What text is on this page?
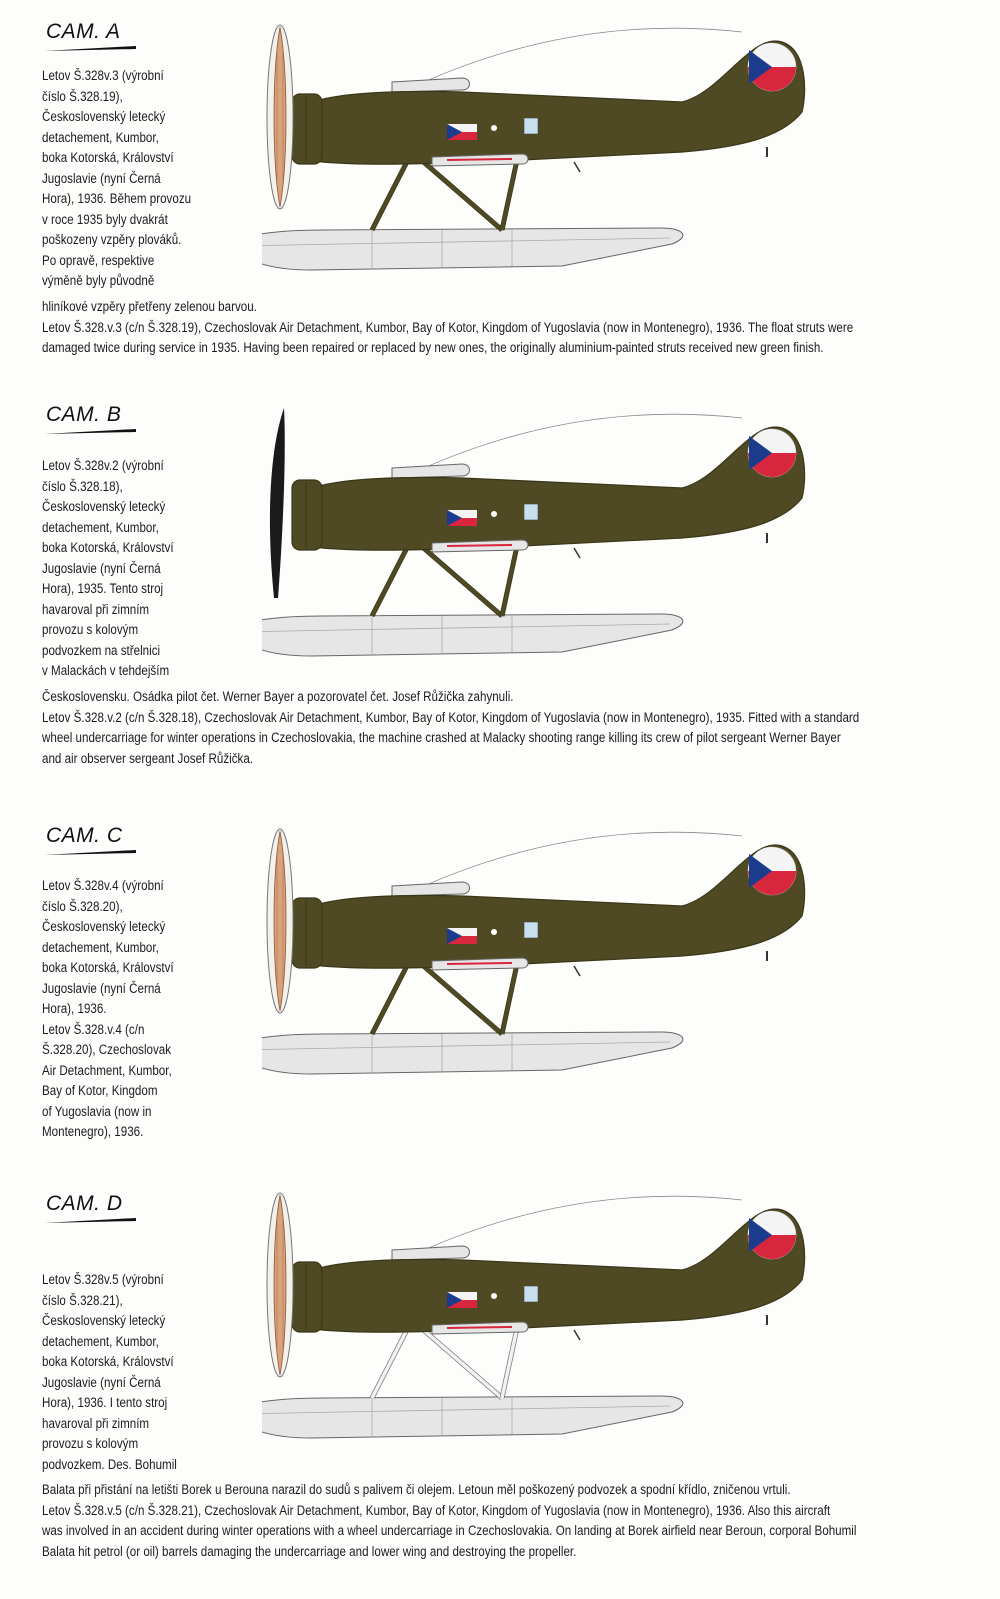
CAM. A

Letov Š.328v.3 (výrobní

číslo Š.328.19),

Československý letecký

detachement, Kumbor,

boka Kotorská, Království

Jugoslavie (nyní Černá

Hora), 1936. Během provozu

v roce 1935 byly dvakrát

poškozeny vzpěry plováků.

Po opravě, respektive

výměně byly původně

hliníkové vzpěry přetřeny zelenou barvou.

Letov Š.328.v.3 (c/n Š.328.19), Czechoslovak Air Detachment, Kumbor, Bay of Kotor, Kingdom of Yugoslavia (now in Montenegro), 1936. The float struts were

damaged twice during service in 1935. Having been repaired or replaced by new ones, the originally aluminium-painted struts received new green finish.

CAM. B

Letov Š.328v.2 (výrobní

číslo Š.328.18),

Československý letecký

detachement, Kumbor,

boka Kotorská, Království

Jugoslavie (nyní Černá

Hora), 1935. Tento stroj

havaroval při zimním

provozu s kolovým

podvozkem na střelnici

v Malackách v tehdejším

Československu. Osádka pilot čet. Werner Bayer a pozorovatel čet. Josef Růžička zahynuli.

Letov Š.328.v.2 (c/n Š.328.18), Czechoslovak Air Detachment, Kumbor, Bay of Kotor, Kingdom of Yugoslavia (now in Montenegro), 1935. Fitted with a standard

wheel undercarriage for winter operations in Czechoslovakia, the machine crashed at Malacky shooting range killing its crew of pilot sergeant Werner Bayer

and air observer sergeant Josef Růžička.

CAM. C

Letov Š.328v.4 (výrobní

číslo Š.328.20),

Československý letecký

detachement, Kumbor,

boka Kotorská, Království

Jugoslavie (nyní Černá

Hora), 1936.

Letov Š.328.v.4 (c/n

Š.328.20), Czechoslovak

Air Detachment, Kumbor,

Bay of Kotor, Kingdom

of Yugoslavia (now in

Montenegro), 1936.

CAM. D

Letov Š.328v.5 (výrobní

číslo Š.328.21),

Československý letecký

detachement, Kumbor,

boka Kotorská, Království

Jugoslavie (nyní Černá

Hora), 1936. I tento stroj

havaroval při zimním

provozu s kolovým

podvozkem. Des. Bohumil

Balata při přistání na letišti Borek u Berouna narazil do sudů s palivem či olejem. Letoun měl poškozený podvozek a spodní křídlo, zničenou vrtuli.

Letov Š.328.v.5 (c/n Š.328.21), Czechoslovak Air Detachment, Kumbor, Bay of Kotor, Kingdom of Yugoslavia (now in Montenegro), 1936. Also this aircraft

was involved in an accident during winter operations with a wheel undercarriage in Czechoslovakia. On landing at Borek airfield near Beroun, corporal Bohumil

Balata hit petrol (or oil) barrels damaging the undercarriage and lower wing and destroying the propeller.
